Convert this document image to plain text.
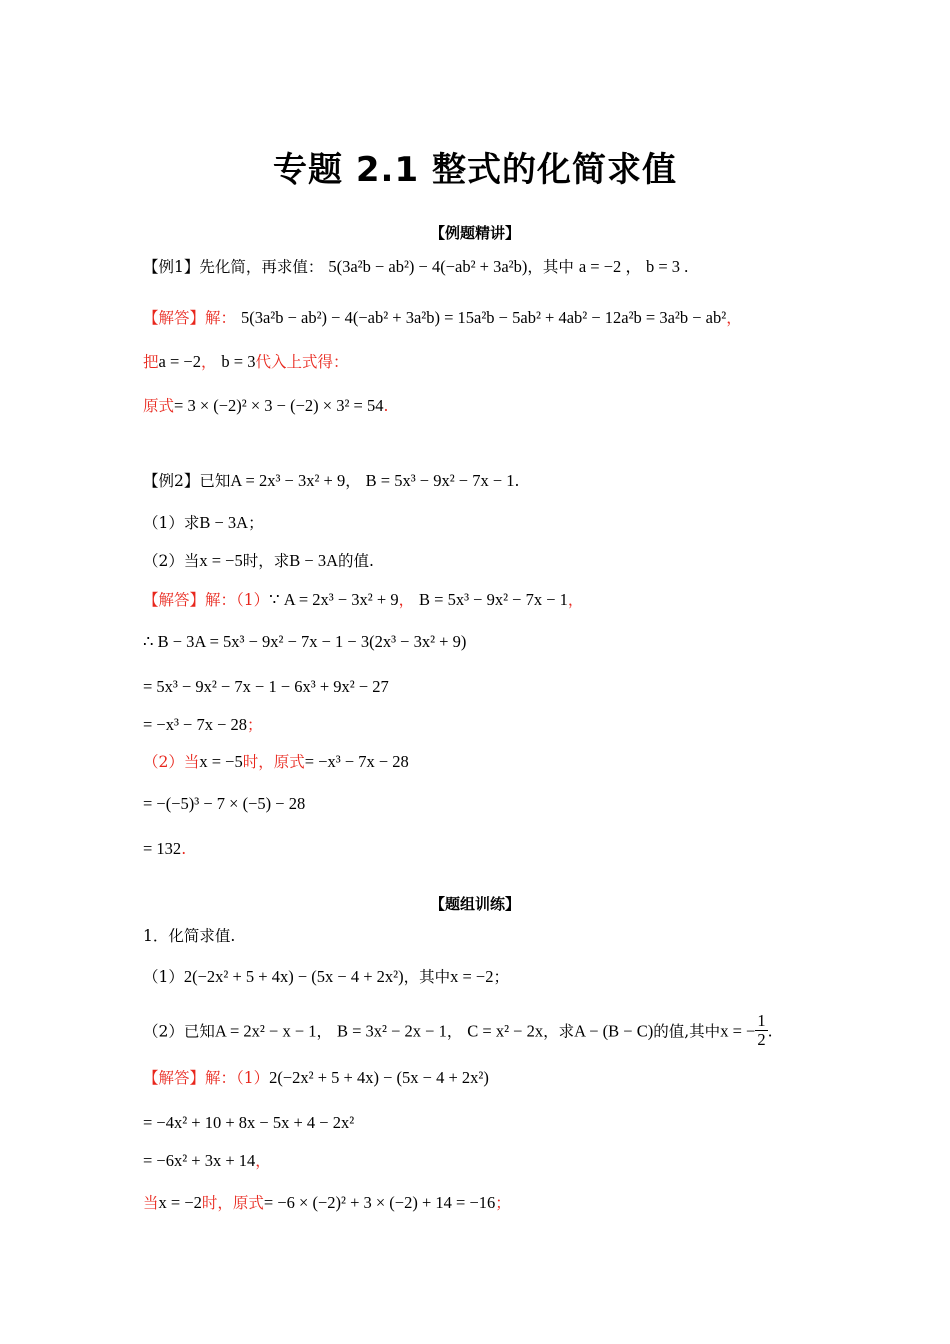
专题 2.1 整式的化简求值
【例题精讲】
【例1】先化简，再求值： 5(3a²b − ab²) − 4(−ab² + 3a²b)，其中 a = −2 ， b = 3 .
【解答】解： 5(3a²b − ab²) − 4(−ab² + 3a²b) = 15a²b − 5ab² + 4ab² − 12a²b = 3a²b − ab²，
把a = −2， b = 3代入上式得：
原式= 3 × (−2)² × 3 − (−2) × 3² = 54.
【例2】已知A = 2x³ − 3x² + 9， B = 5x³ − 9x² − 7x − 1.
（1）求B − 3A；
（2）当x = −5时，求B − 3A的值.
【解答】解：（1）∵ A = 2x³ − 3x² + 9， B = 5x³ − 9x² − 7x − 1，
∴ B − 3A = 5x³ − 9x² − 7x − 1 − 3(2x³ − 3x² + 9)
= 5x³ − 9x² − 7x − 1 − 6x³ + 9x² − 27
= −x³ − 7x − 28；
（2）当x = −5时，原式= −x³ − 7x − 28
= −(−5)³ − 7 × (−5) − 28
= 132.
【题组训练】
1．化简求值.
（1）2(−2x² + 5 + 4x) − (5x − 4 + 2x²)，其中x = −2；
（2）已知A = 2x² − x − 1， B = 3x² − 2x − 1， C = x² − 2x，求A − (B − C)的值,其中x = − $\frac{1}{2}$ .
【解答】解：（1）2(−2x² + 5 + 4x) − (5x − 4 + 2x²)
= −4x² + 10 + 8x − 5x + 4 − 2x²
= −6x² + 3x + 14，
当x = −2时，原式= −6 × (−2)² + 3 × (−2) + 14 = −16；
